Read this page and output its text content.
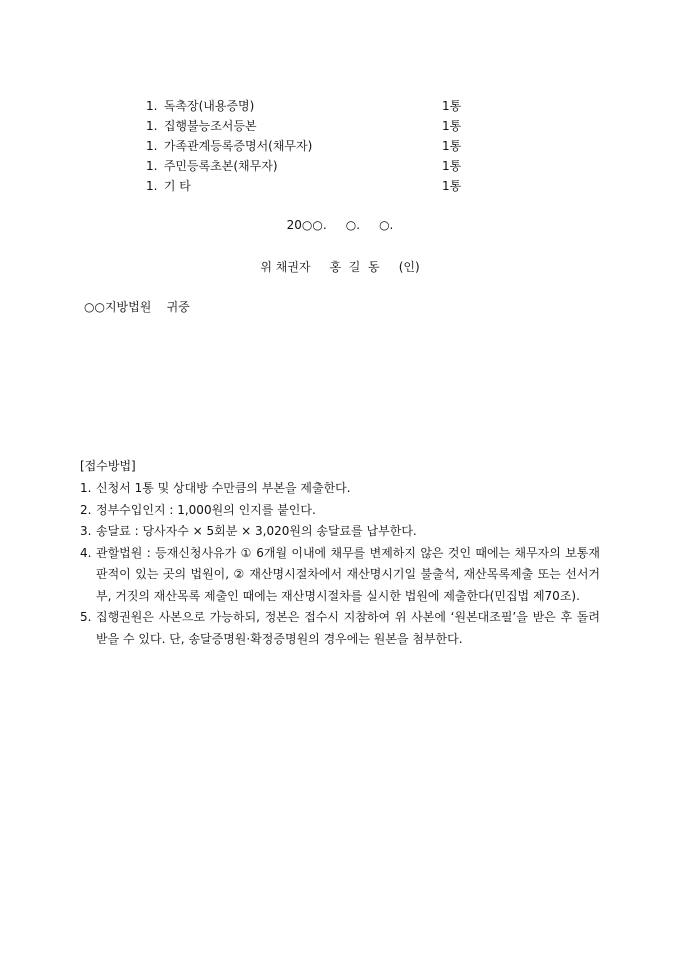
1. 독촉장(내용증명)	1통
1. 집행불능조서등본	1통
1. 가족관계등록증명서(채무자)	1통
1. 주민등록초본(채무자)	1통
1. 기 타	1통
20○○.     ○.     ○.
위 채권자     홍  길  동     (인)
○○지방법원    귀중
[접수방법]
1. 신청서 1통 및 상대방 수만큼의 부본을 제출한다.
2. 정부수입인지 : 1,000원의 인지를 붙인다.
3. 송달료 : 당사자수 × 5회분 × 3,020원의 송달료를 납부한다.
4. 관할법원 : 등재신청사유가 ① 6개월 이내에 채무를 변제하지 않은 것인 때에는 채무자의 보통재판적이 있는 곳의 법원이, ② 재산명시절차에서 재산명시기일 불출석, 재산목록제출 또는 선서거부, 거짓의 재산목록 제출인 때에는 재산명시절차를 실시한 법원에 제출한다(민집법 제70조).
5. 집행권원은 사본으로 가능하되, 정본은 접수시 지참하여 위 사본에 ‘원본대조필’을 받은 후 돌려받을 수 있다. 단, 송달증명원·확정증명원의 경우에는 원본을 첨부한다.
